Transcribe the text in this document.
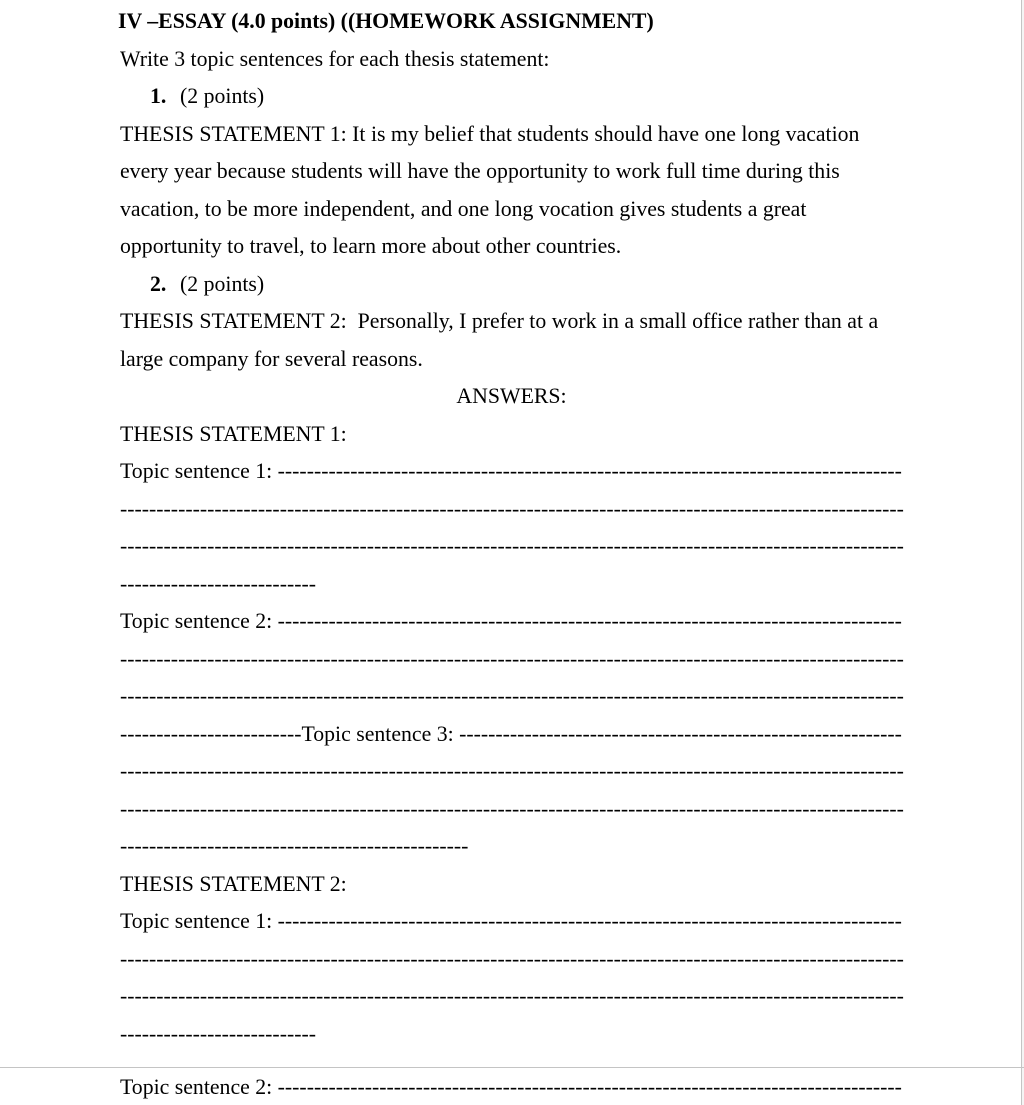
IV –ESSAY (4.0 points) ((HOMEWORK ASSIGNMENT)
Write 3 topic sentences for each thesis statement:
1. (2 points)
THESIS STATEMENT 1: It is my belief that students should have one long vacation
every year because students will have the opportunity to work full time during this
vacation, to be more independent, and one long vocation gives students a great
opportunity to travel, to learn more about other countries.
2. (2 points)
THESIS STATEMENT 2:  Personally, I prefer to work in a small office rather than at a
large company for several reasons.
ANSWERS:
THESIS STATEMENT 1:
Topic sentence 1: --------------------------------------------------------------------------------------
------------------------------------------------------------------------------------------------------------
------------------------------------------------------------------------------------------------------------
---------------------------
Topic sentence 2: --------------------------------------------------------------------------------------
------------------------------------------------------------------------------------------------------------
------------------------------------------------------------------------------------------------------------
-------------------------Topic sentence 3: -------------------------------------------------------------
------------------------------------------------------------------------------------------------------------
------------------------------------------------------------------------------------------------------------
------------------------------------------------
THESIS STATEMENT 2:
Topic sentence 1: --------------------------------------------------------------------------------------
------------------------------------------------------------------------------------------------------------
------------------------------------------------------------------------------------------------------------
---------------------------
Topic sentence 2: --------------------------------------------------------------------------------------
